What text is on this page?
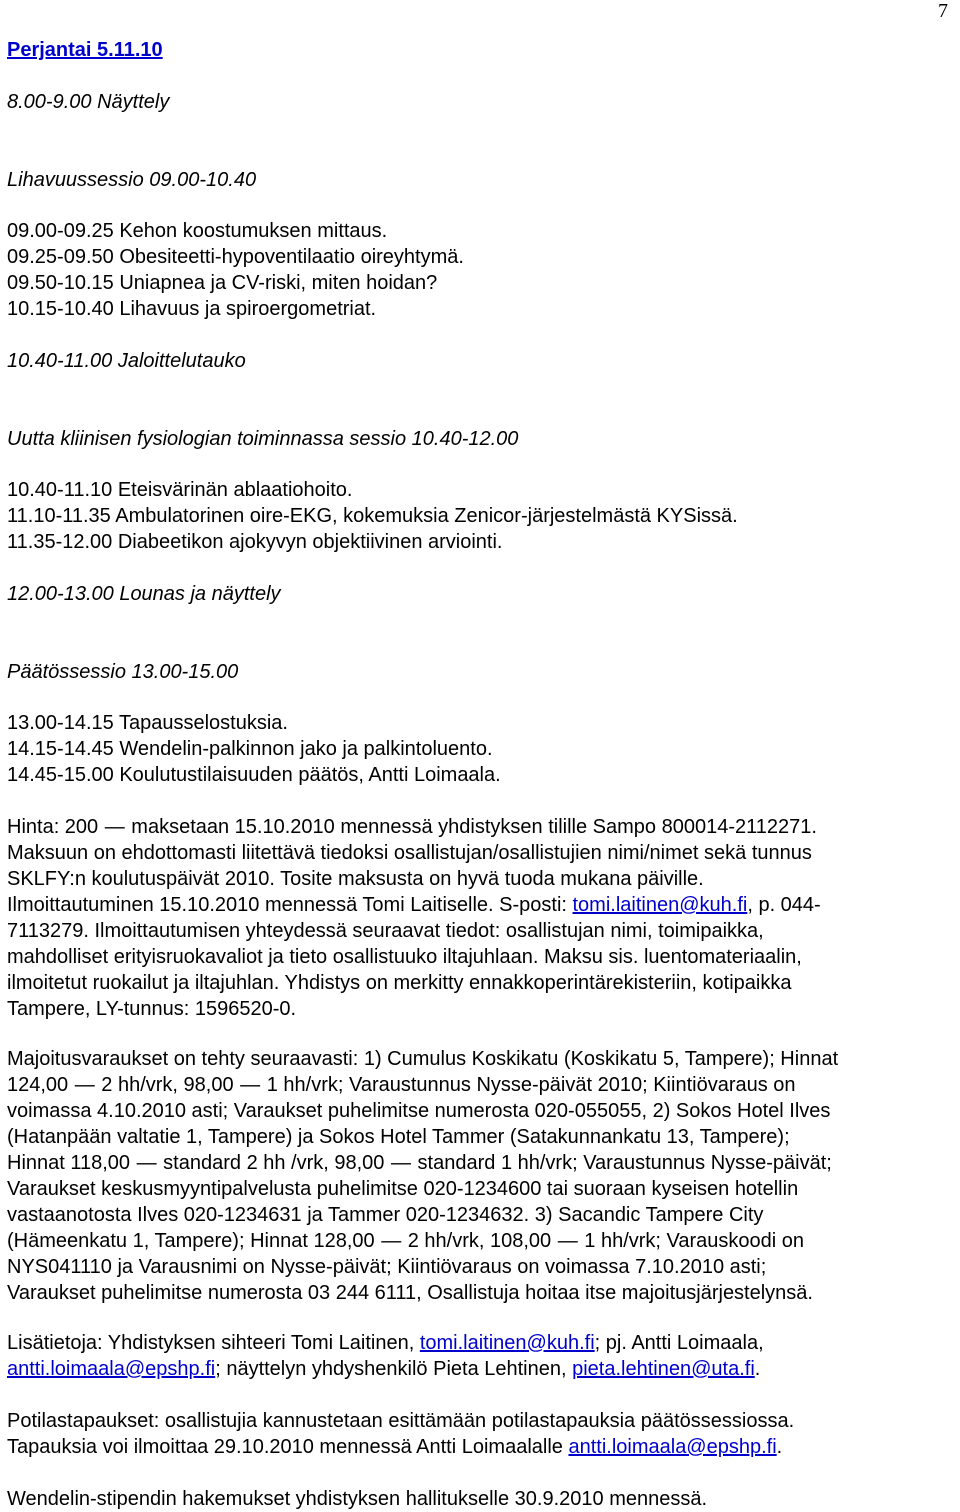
7
Perjantai 5.11.10
8.00-9.00 Näyttely
Lihavuussessio 09.00-10.40
09.00-09.25 Kehon koostumuksen mittaus.
09.25-09.50 Obesiteetti-hypoventilaatio oireyhtymä.
09.50-10.15 Uniapnea ja CV-riski, miten hoidan?
10.15-10.40 Lihavuus ja spiroergometriat.
10.40-11.00 Jaloittelutauko
Uutta kliinisen fysiologian toiminnassa sessio 10.40-12.00
10.40-11.10 Eteisvärinän ablaatiohoito.
11.10-11.35 Ambulatorinen oire-EKG, kokemuksia Zenicor-järjestelmästä KYSissä.
11.35-12.00 Diabeetikon ajokyvyn objektiivinen arviointi.
12.00-13.00 Lounas ja näyttely
Päätössessio 13.00-15.00
13.00-14.15 Tapausselostuksia.
14.15-14.45 Wendelin-palkinnon jako ja palkintoluento.
14.45-15.00 Koulutustilaisuuden päätös, Antti Loimaala.
Hinta: 200 — maksetaan 15.10.2010 mennessä yhdistyksen tilille Sampo 800014-2112271.
Maksuun on ehdottomasti liitettävä tiedoksi osallistujan/osallistujien nimi/nimet sekä tunnus
SKLFY:n koulutuspäivät 2010. Tosite maksusta on hyvä tuoda mukana päiville.
Ilmoittautuminen 15.10.2010 mennessä Tomi Laitiselle. S-posti: tomi.laitinen@kuh.fi, p. 044-
7113279. Ilmoittautumisen yhteydessä seuraavat tiedot: osallistujan nimi, toimipaikka,
mahdolliset erityisruokavaliot ja tieto osallistuuko iltajuhlaan. Maksu sis. luentomateriaalin,
ilmoitetut ruokailut ja iltajuhlan. Yhdistys on merkitty ennakkoperintärekisteriin, kotipaikka
Tampere, LY-tunnus: 1596520-0.
Majoitusvaraukset on tehty seuraavasti: 1) Cumulus Koskikatu (Koskikatu 5, Tampere); Hinnat
124,00 — 2 hh/vrk, 98,00 — 1 hh/vrk; Varaustunnus Nysse-päivät 2010; Kiintiövaraus on
voimassa 4.10.2010 asti; Varaukset puhelimitse numerosta 020-055055, 2) Sokos Hotel Ilves
(Hatanpään valtatie 1, Tampere) ja Sokos Hotel Tammer (Satakunnankatu 13, Tampere);
Hinnat 118,00 — standard 2 hh /vrk, 98,00 — standard 1 hh/vrk; Varaustunnus Nysse-päivät;
Varaukset keskusmyyntipalvelusta puhelimitse 020-1234600 tai suoraan kyseisen hotellin
vastaanotosta Ilves 020-1234631 ja Tammer 020-1234632. 3) Sacandic Tampere City
(Hämeenkatu 1, Tampere); Hinnat 128,00 — 2 hh/vrk, 108,00 — 1 hh/vrk; Varauskoodi on
NYS041110 ja Varausnimi on Nysse-päivät; Kiintiövaraus on voimassa 7.10.2010 asti;
Varaukset puhelimitse numerosta 03 244 6111, Osallistuja hoitaa itse majoitusjärjestelynsä.
Lisätietoja: Yhdistyksen sihteeri Tomi Laitinen, tomi.laitinen@kuh.fi; pj. Antti Loimaala,
antti.loimaala@epshp.fi; näyttelyn yhdyshenkilö Pieta Lehtinen, pieta.lehtinen@uta.fi.
Potilastapaukset: osallistujia kannustetaan esittämään potilastapauksia päätössessiossa.
Tapauksia voi ilmoittaa 29.10.2010 mennessä Antti Loimaalalle antti.loimaala@epshp.fi.
Wendelin-stipendin hakemukset yhdistyksen hallitukselle 30.9.2010 mennessä.
